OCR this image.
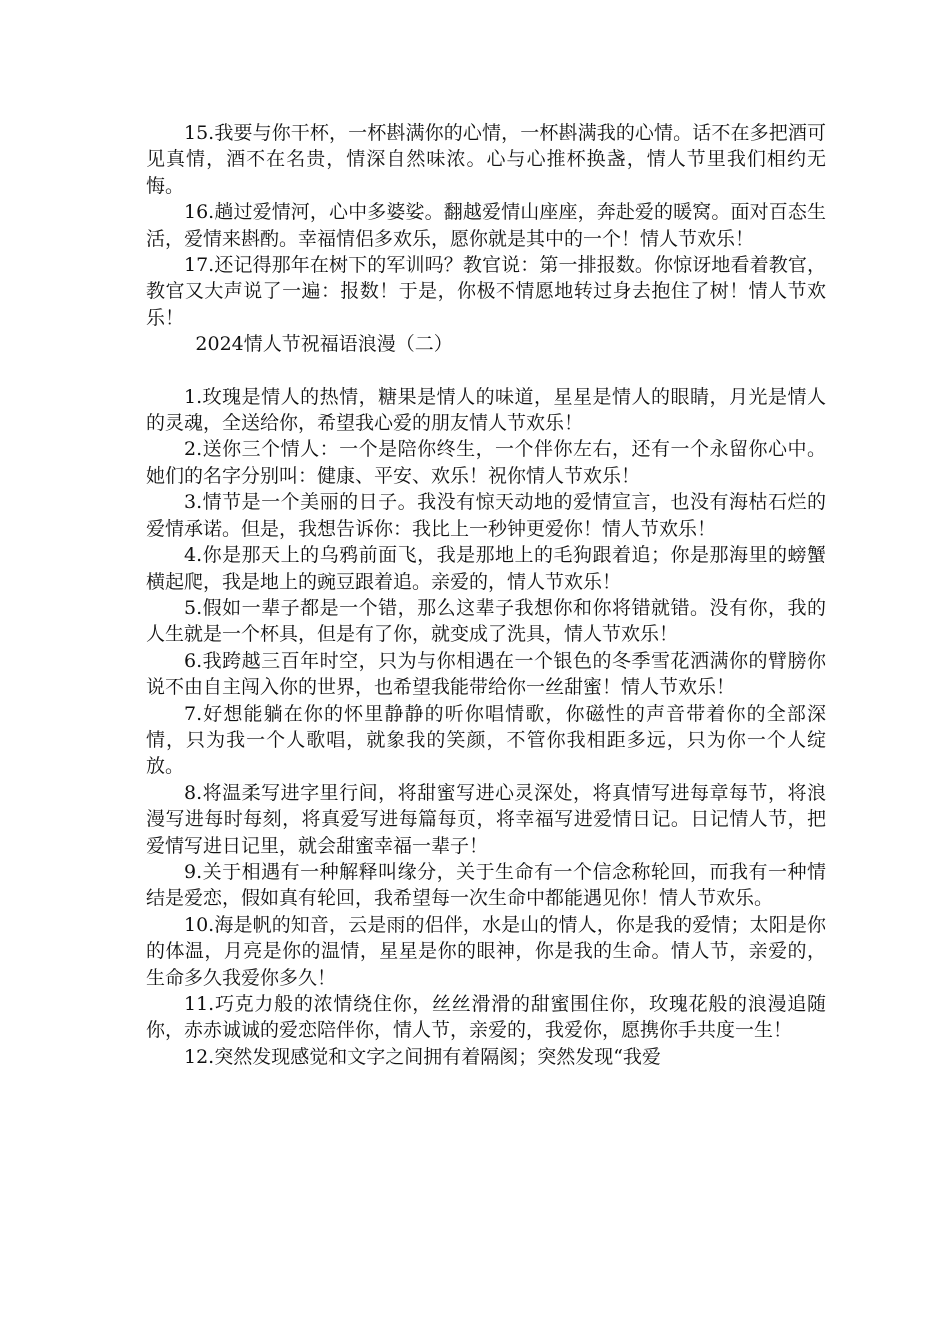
15.我要与你干杯，一杯斟满你的心情，一杯斟满我的心情。话不在多把酒可见真情，酒不在名贵，情深自然味浓。心与心推杯换盏，情人节里我们相约无悔。

16.趟过爱情河，心中多婆娑。翻越爱情山座座，奔赴爱的暖窝。面对百态生活，爱情来斟酌。幸福情侣多欢乐，愿你就是其中的一个！情人节欢乐！

17.还记得那年在树下的军训吗？教官说：第一排报数。你惊讶地看着教官，教官又大声说了一遍：报数！于是，你极不情愿地转过身去抱住了树！情人节欢乐！

2024情人节祝福语浪漫（二）

1.玫瑰是情人的热情，糖果是情人的味道，星星是情人的眼睛，月光是情人的灵魂，全送给你，希望我心爱的朋友情人节欢乐！

2.送你三个情人：一个是陪你终生，一个伴你左右，还有一个永留你心中。她们的名字分别叫：健康、平安、欢乐！祝你情人节欢乐！

3.情节是一个美丽的日子。我没有惊天动地的爱情宣言，也没有海枯石烂的爱情承诺。但是，我想告诉你：我比上一秒钟更爱你！情人节欢乐！

4.你是那天上的乌鸦前面飞，我是那地上的毛狗跟着追；你是那海里的螃蟹横起爬，我是地上的豌豆跟着追。亲爱的，情人节欢乐！

5.假如一辈子都是一个错，那么这辈子我想你和你将错就错。没有你，我的人生就是一个杯具，但是有了你，就变成了洗具，情人节欢乐！

6.我跨越三百年时空，只为与你相遇在一个银色的冬季雪花洒满你的臂膀你说不由自主闯入你的世界，也希望我能带给你一丝甜蜜！情人节欢乐！

7.好想能躺在你的怀里静静的听你唱情歌，你磁性的声音带着你的全部深情，只为我一个人歌唱，就象我的笑颜，不管你我相距多远，只为你一个人绽放。

8.将温柔写进字里行间，将甜蜜写进心灵深处，将真情写进每章每节，将浪漫写进每时每刻，将真爱写进每篇每页，将幸福写进爱情日记。日记情人节，把爱情写进日记里，就会甜蜜幸福一辈子！

9.关于相遇有一种解释叫缘分，关于生命有一个信念称轮回，而我有一种情结是爱恋，假如真有轮回，我希望每一次生命中都能遇见你！情人节欢乐。

10.海是帆的知音，云是雨的侣伴，水是山的情人，你是我的爱情；太阳是你的体温，月亮是你的温情，星星是你的眼神，你是我的生命。情人节，亲爱的，生命多久我爱你多久！

11.巧克力般的浓情绕住你，丝丝滑滑的甜蜜围住你，玫瑰花般的浪漫追随你，赤赤诚诚的爱恋陪伴你，情人节，亲爱的，我爱你，愿携你手共度一生！

12.突然发现感觉和文字之间拥有着隔阂；突然发现“我爱
